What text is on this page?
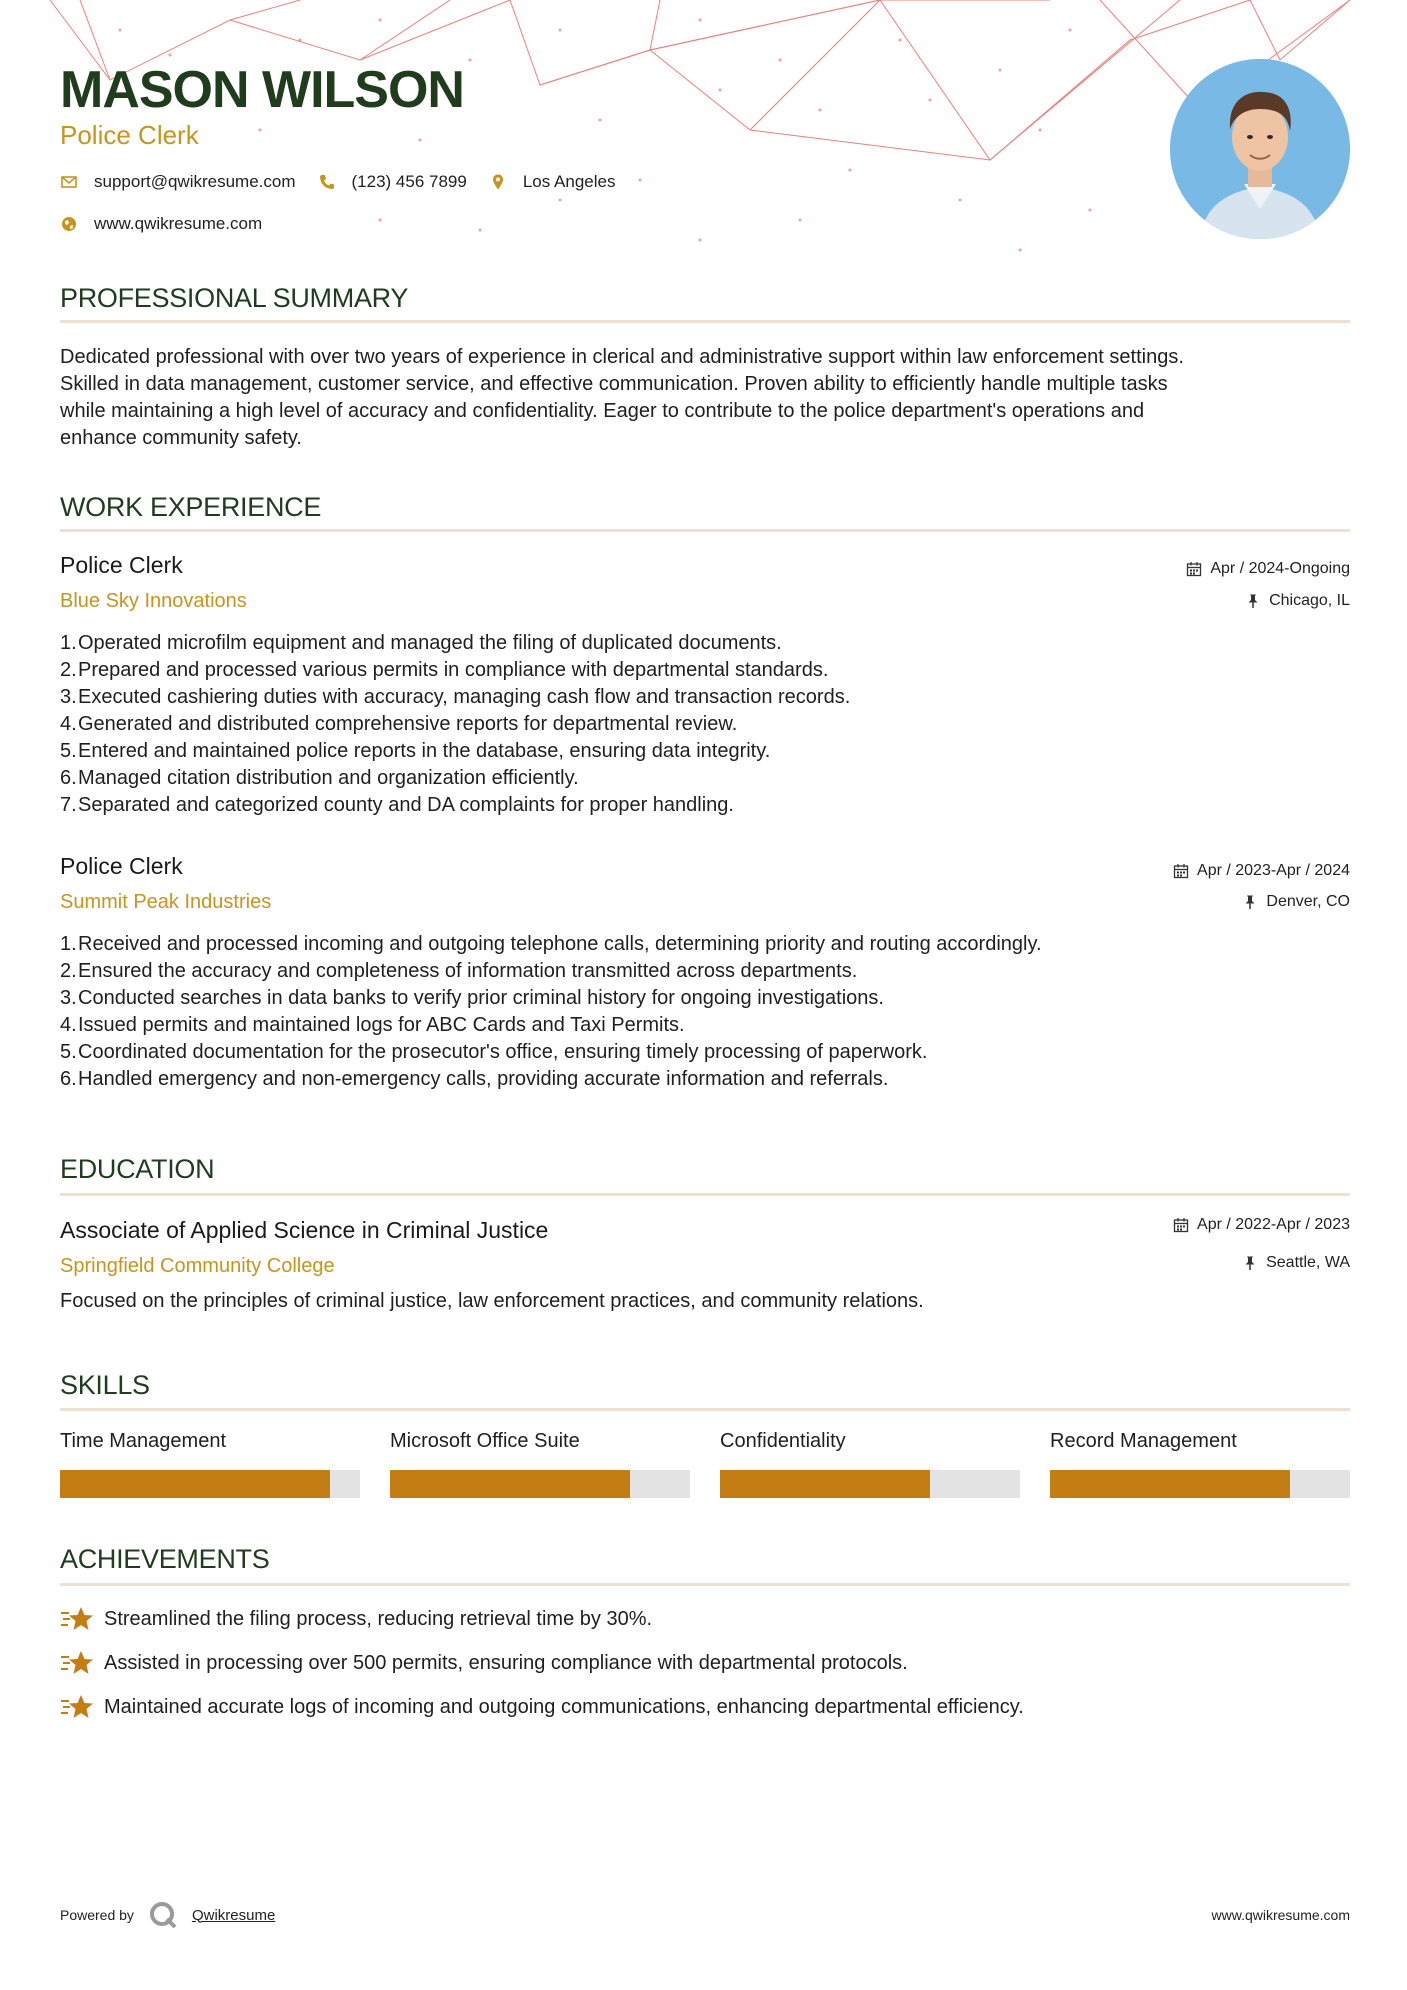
MASON WILSON
Police Clerk
support@qwikresume.com	(123) 456 7899	Los Angeles
www.qwikresume.com
PROFESSIONAL SUMMARY

Dedicated professional with over two years of experience in clerical and administrative support within law enforcement settings.
Skilled in data management, customer service, and effective communication. Proven ability to efficiently handle multiple tasks
while maintaining a high level of accuracy and confidentiality. Eager to contribute to the police department's operations and
enhance community safety.

WORK EXPERIENCE
Police Clerk
Blue Sky Innovations
Apr / 2024-Ongoing
Chicago, IL
1. Operated microfilm equipment and managed the filing of duplicated documents.
2. Prepared and processed various permits in compliance with departmental standards.
3. Executed cashiering duties with accuracy, managing cash flow and transaction records.
4. Generated and distributed comprehensive reports for departmental review.
5. Entered and maintained police reports in the database, ensuring data integrity.
6. Managed citation distribution and organization efficiently.
7. Separated and categorized county and DA complaints for proper handling.
Police Clerk
Summit Peak Industries
Apr / 2023-Apr / 2024
Denver, CO
1. Received and processed incoming and outgoing telephone calls, determining priority and routing accordingly.
2. Ensured the accuracy and completeness of information transmitted across departments.
3. Conducted searches in data banks to verify prior criminal history for ongoing investigations.
4. Issued permits and maintained logs for ABC Cards and Taxi Permits.
5. Coordinated documentation for the prosecutor's office, ensuring timely processing of paperwork.
6. Handled emergency and non-emergency calls, providing accurate information and referrals.
EDUCATION
Associate of Applied Science in Criminal Justice
Springfield Community College
Apr / 2022-Apr / 2023
Seattle, WA
Focused on the principles of criminal justice, law enforcement practices, and community relations.
SKILLS
Time Management	Microsoft Office Suite	Confidentiality	Record Management
ACHIEVEMENTS
Streamlined the filing process, reducing retrieval time by 30%.
Assisted in processing over 500 permits, ensuring compliance with departmental protocols.
Maintained accurate logs of incoming and outgoing communications, enhancing departmental efficiency.
Powered by	Qwikresume	www.qwikresume.com
